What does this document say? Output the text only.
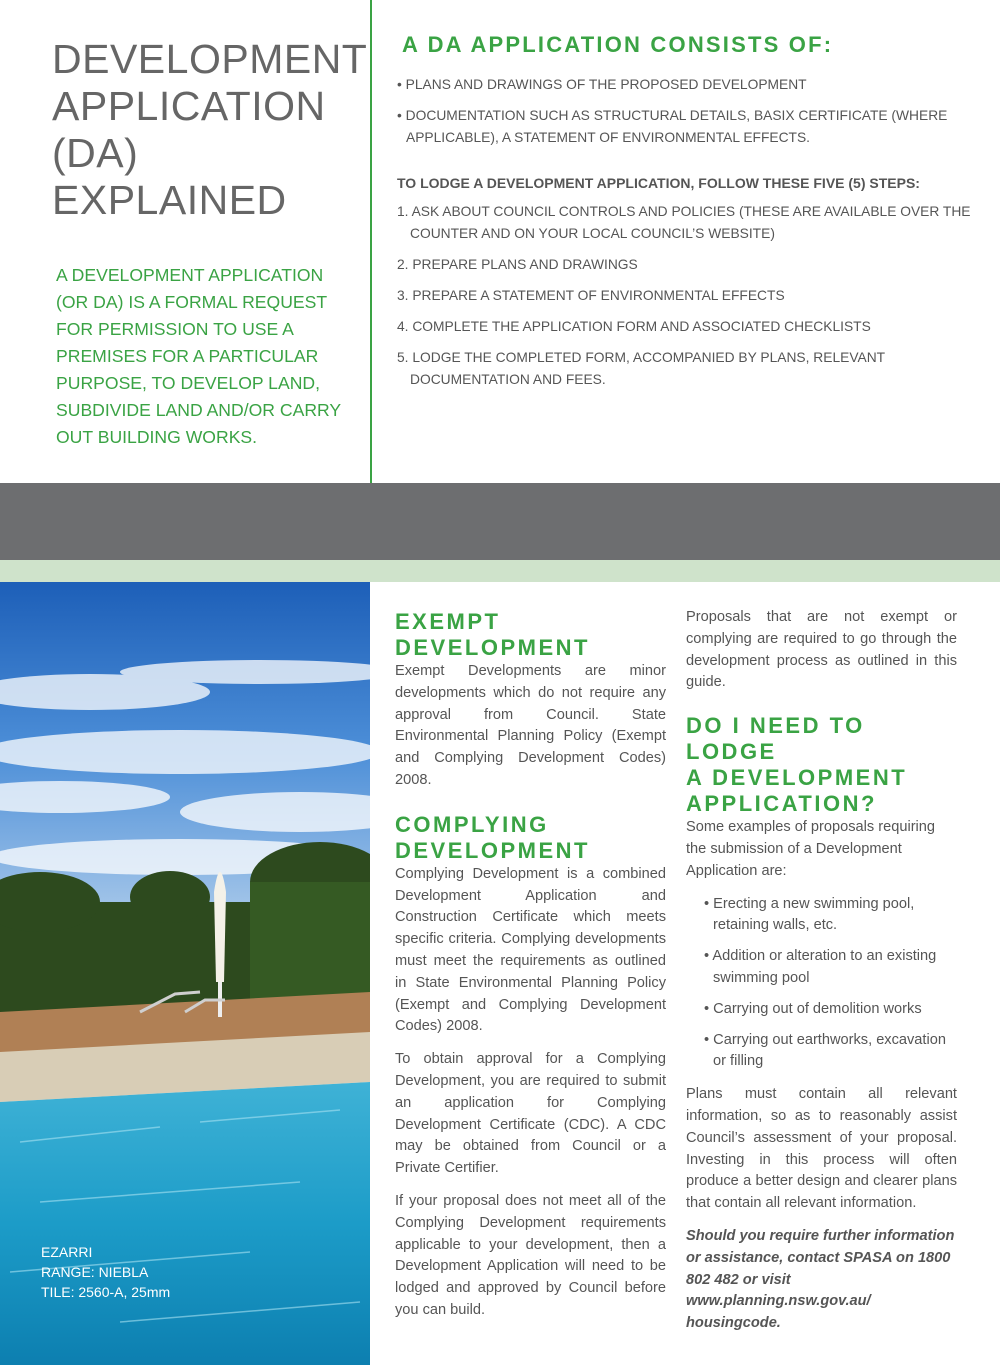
DEVELOPMENT
APPLICATION
(DA)
EXPLAINED
A DEVELOPMENT APPLICATION (OR DA) IS A FORMAL REQUEST FOR PERMISSION TO USE A PREMISES FOR A PARTICULAR PURPOSE, TO DEVELOP LAND, SUBDIVIDE LAND AND/OR CARRY OUT BUILDING WORKS.
A DA APPLICATION CONSISTS OF:
• PLANS AND DRAWINGS OF THE PROPOSED DEVELOPMENT
• DOCUMENTATION SUCH AS STRUCTURAL DETAILS, BASIX CERTIFICATE (WHERE APPLICABLE), A STATEMENT OF ENVIRONMENTAL EFFECTS.
TO LODGE A DEVELOPMENT APPLICATION, FOLLOW THESE FIVE (5) STEPS:
1. ASK ABOUT COUNCIL CONTROLS AND POLICIES (THESE ARE AVAILABLE OVER THE COUNTER AND ON YOUR LOCAL COUNCIL’S WEBSITE)
2. PREPARE PLANS AND DRAWINGS
3. PREPARE A STATEMENT OF ENVIRONMENTAL EFFECTS
4. COMPLETE THE APPLICATION FORM AND ASSOCIATED CHECKLISTS
5. LODGE THE COMPLETED FORM, ACCOMPANIED BY PLANS, RELEVANT DOCUMENTATION AND FEES.
EZARRI
RANGE: NIEBLA
TILE: 2560-A, 25mm
EXEMPT
DEVELOPMENT

Exempt Developments are minor developments which do not require any approval from Council. State Environmental Planning Policy (Exempt and Complying Development Codes) 2008.

COMPLYING
DEVELOPMENT

Complying Development is a combined Development Application and Construction Certificate which meets specific criteria. Complying developments must meet the requirements as outlined in State Environmental Planning Policy (Exempt and Complying Development Codes) 2008.

To obtain approval for a Complying Development, you are required to submit an application for Complying Development Certificate (CDC). A CDC may be obtained from Council or a Private Certifier.

If your proposal does not meet all of the Complying Development requirements applicable to your development, then a Development Application will need to be lodged and approved by Council before you can build.

Proposals that are not exempt or complying are required to go through the development process as outlined in this guide.

DO I NEED TO LODGE
A DEVELOPMENT
APPLICATION?

Some examples of proposals requiring the submission of a Development Application are:

• Erecting a new swimming pool, retaining walls, etc.
• Addition or alteration to an existing swimming pool
• Carrying out of demolition works
• Carrying out earthworks, excavation or filling

Plans must contain all relevant information, so as to reasonably assist Council’s assessment of your proposal. Investing in this process will often produce a better design and clearer plans that contain all relevant information.

Should you require further information or assistance, contact SPASA on 1800 802 482 or visit www.planning.nsw.gov.au/ housingcode.
